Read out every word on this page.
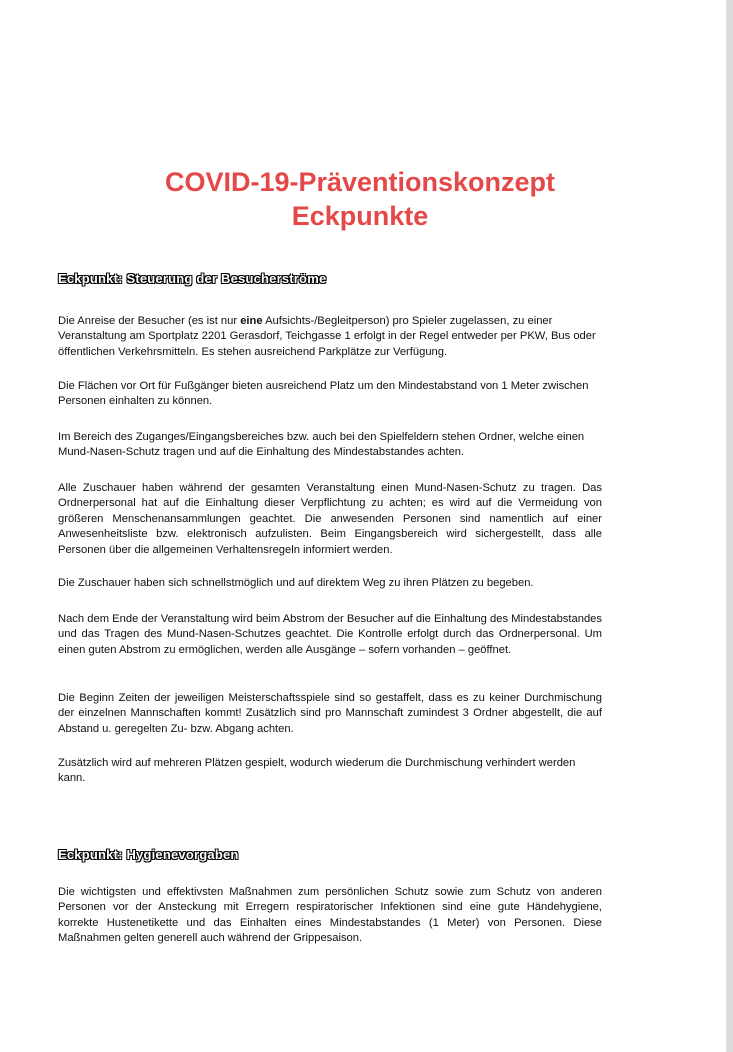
COVID-19-Präventionskonzept
Eckpunkte
Eckpunkt: Steuerung der Besucherströme

Die Anreise der Besucher (es ist nur eine Aufsichts-/Begleitperson) pro Spieler zugelassen, zu einer Veranstaltung am Sportplatz 2201 Gerasdorf, Teichgasse 1 erfolgt in der Regel entweder per PKW, Bus oder öffentlichen Verkehrsmitteln. Es stehen ausreichend Parkplätze zur Verfügung.

Die Flächen vor Ort für Fußgänger bieten ausreichend Platz um den Mindestabstand von 1 Meter zwischen Personen einhalten zu können.

Im Bereich des Zuganges/Eingangsbereiches bzw. auch bei den Spielfeldern stehen Ordner, welche einen Mund-Nasen-Schutz tragen und auf die Einhaltung des Mindestabstandes achten.

Alle Zuschauer haben während der gesamten Veranstaltung einen Mund-Nasen-Schutz zu tragen. Das Ordnerpersonal hat auf die Einhaltung dieser Verpflichtung zu achten; es wird auf die Vermeidung von größeren Menschenansammlungen geachtet. Die anwesenden Personen sind namentlich auf einer Anwesenheitsliste bzw. elektronisch aufzulisten. Beim Eingangsbereich wird sichergestellt, dass alle Personen über die allgemeinen Verhaltensregeln informiert werden.

Die Zuschauer haben sich schnellstmöglich und auf direktem Weg zu ihren Plätzen zu begeben.

Nach dem Ende der Veranstaltung wird beim Abstrom der Besucher auf die Einhaltung des Mindestabstandes und das Tragen des Mund-Nasen-Schutzes geachtet. Die Kontrolle erfolgt durch das Ordnerpersonal. Um einen guten Abstrom zu ermöglichen, werden alle Ausgänge – sofern vorhanden – geöffnet.

Die Beginn Zeiten der jeweiligen Meisterschaftsspiele sind so gestaffelt, dass es zu keiner Durchmischung der einzelnen Mannschaften kommt! Zusätzlich sind pro Mannschaft zumindest 3 Ordner abgestellt, die auf Abstand u. geregelten Zu- bzw. Abgang achten.

Zusätzlich wird auf mehreren Plätzen gespielt, wodurch wiederum die Durchmischung verhindert werden kann.

Eckpunkt: Hygienevorgaben

Die wichtigsten und effektivsten Maßnahmen zum persönlichen Schutz sowie zum Schutz von anderen Personen vor der Ansteckung mit Erregern respiratorischer Infektionen sind eine gute Händehygiene, korrekte Hustenetikette und das Einhalten eines Mindestabstandes (1 Meter) von Personen. Diese Maßnahmen gelten generell auch während der Grippesaison.
